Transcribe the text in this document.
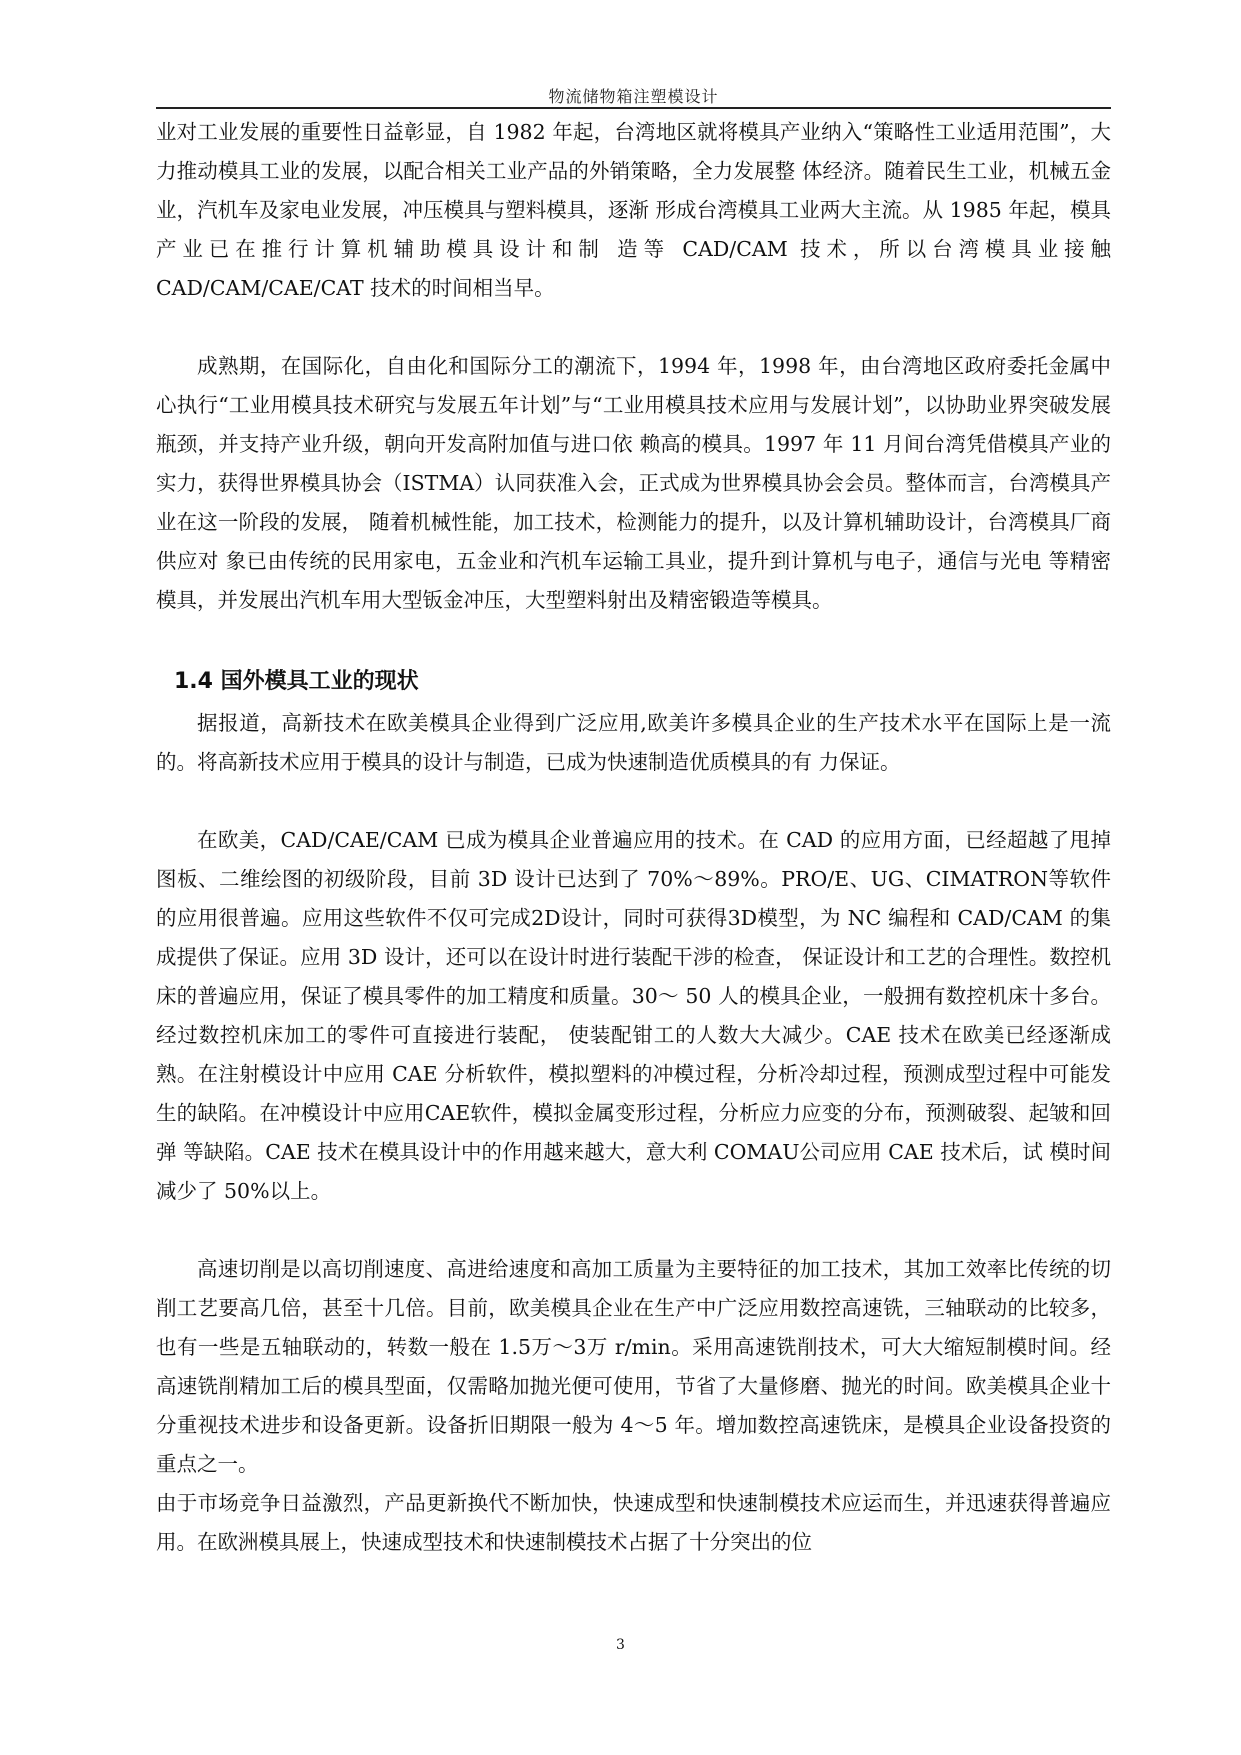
物流储物箱注塑模设计

业对工业发展的重要性日益彰显，自 1982 年起，台湾地区就将模具产业纳入“策略性工业适用范围”，大力推动模具工业的发展，以配合相关工业产品的外销策略，全力发展整 体经济。随着民生工业，机械五金业，汽机车及家电业发展，冲压模具与塑料模具，逐渐 形成台湾模具工业两大主流。从 1985 年起，模具产业已在推行计算机辅助模具设计和制 造等 CAD/CAM 技术，所以台湾模具业接触 CAD/CAM/CAE/CAT 技术的时间相当早。

成熟期，在国际化，自由化和国际分工的潮流下，1994 年，1998 年，由台湾地区政府委托金属中心执行“工业用模具技术研究与发展五年计划”与“工业用模具技术应用与发展计划”，以协助业界突破发展瓶颈，并支持产业升级，朝向开发高附加值与进口依 赖高的模具。1997 年 11 月间台湾凭借模具产业的实力，获得世界模具协会（ISTMA）认同获准入会，正式成为世界模具协会会员。整体而言，台湾模具产业在这一阶段的发展， 随着机械性能，加工技术，检测能力的提升，以及计算机辅助设计，台湾模具厂商供应对 象已由传统的民用家电，五金业和汽机车运输工具业，提升到计算机与电子，通信与光电 等精密模具，并发展出汽机车用大型钣金冲压，大型塑料射出及精密锻造等模具。

1.4 国外模具工业的现状

据报道，高新技术在欧美模具企业得到广泛应用,欧美许多模具企业的生产技术水平在国际上是一流的。将高新技术应用于模具的设计与制造，已成为快速制造优质模具的有 力保证。

在欧美，CAD/CAE/CAM 已成为模具企业普遍应用的技术。在 CAD 的应用方面，已经超越了甩掉图板、二维绘图的初级阶段，目前 3D 设计已达到了 70%～89%。PRO/E、UG、CIMATRON等软件的应用很普遍。应用这些软件不仅可完成2D设计，同时可获得3D模型，为 NC 编程和 CAD/CAM 的集成提供了保证。应用 3D 设计，还可以在设计时进行装配干涉的检查， 保证设计和工艺的合理性。数控机床的普遍应用，保证了模具零件的加工精度和质量。30～ 50 人的模具企业，一般拥有数控机床十多台。经过数控机床加工的零件可直接进行装配， 使装配钳工的人数大大减少。CAE 技术在欧美已经逐渐成熟。在注射模设计中应用 CAE 分析软件，模拟塑料的冲模过程，分析冷却过程，预测成型过程中可能发生的缺陷。在冲模设计中应用CAE软件，模拟金属变形过程，分析应力应变的分布，预测破裂、起皱和回弹 等缺陷。CAE 技术在模具设计中的作用越来越大，意大利 COMAU公司应用 CAE 技术后，试 模时间减少了 50%以上。

高速切削是以高切削速度、高进给速度和高加工质量为主要特征的加工技术，其加工效率比传统的切削工艺要高几倍，甚至十几倍。目前，欧美模具企业在生产中广泛应用数控高速铣，三轴联动的比较多，也有一些是五轴联动的，转数一般在 1.5万～3万 r/min。采用高速铣削技术，可大大缩短制模时间。经高速铣削精加工后的模具型面，仅需略加抛光便可使用，节省了大量修磨、抛光的时间。欧美模具企业十分重视技术进步和设备更新。设备折旧期限一般为 4～5 年。增加数控高速铣床，是模具企业设备投资的重点之一。

由于市场竞争日益激烈，产品更新换代不断加快，快速成型和快速制模技术应运而生，并迅速获得普遍应用。在欧洲模具展上，快速成型技术和快速制模技术占据了十分突出的位

3
